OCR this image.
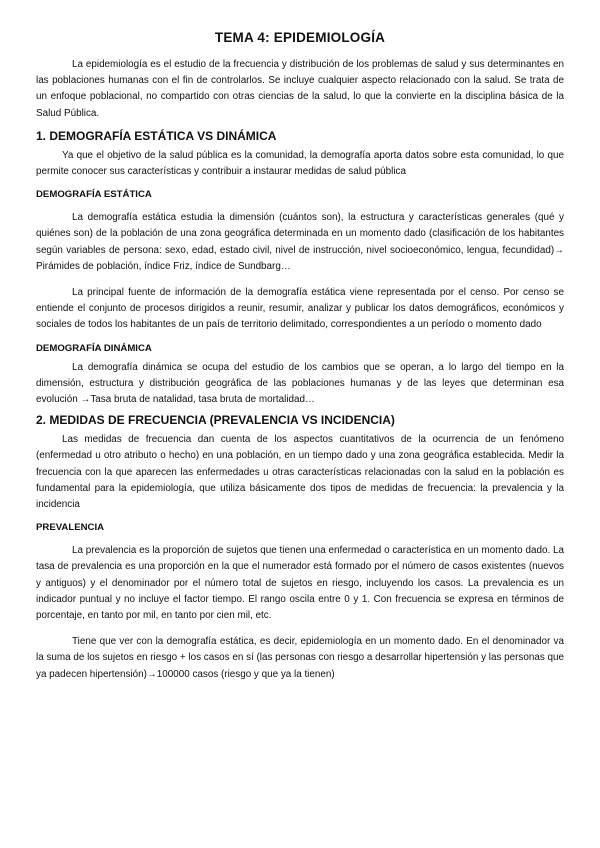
TEMA 4: EPIDEMIOLOGÍA

La epidemiología es el estudio de la frecuencia y distribución de los problemas de salud y sus determinantes en las poblaciones humanas con el fin de controlarlos. Se incluye cualquier aspecto relacionado con la salud. Se trata de un enfoque poblacional, no compartido con otras ciencias de la salud, lo que la convierte en la disciplina básica de la Salud Pública.

1. DEMOGRAFÍA ESTÁTICA VS DINÁMICA

Ya que el objetivo de la salud pública es la comunidad, la demografía aporta datos sobre esta comunidad, lo que permite conocer sus características y contribuir a instaurar medidas de salud pública

DEMOGRAFÍA ESTÁTICA

La demografía estática estudia la dimensión (cuántos son), la estructura y características generales (qué y quiénes son) de la población de una zona geográfica determinada en un momento dado (clasificación de los habitantes según variables de persona: sexo, edad, estado civil, nivel de instrucción, nivel socioeconómico, lengua, fecundidad)→ Pirámides de población, índice Friz, índice de Sundbarg…

La principal fuente de información de la demografía estática viene representada por el censo. Por censo se entiende el conjunto de procesos dirigidos a reunir, resumir, analizar y publicar los datos demográficos, económicos y sociales de todos los habitantes de un país de territorio delimitado, correspondientes a un período o momento dado

DEMOGRAFÍA DINÁMICA

La demografía dinámica se ocupa del estudio de los cambios que se operan, a lo largo del tiempo en la dimensión, estructura y distribución geográfica de las poblaciones humanas y de las leyes que determinan esa evolución →Tasa bruta de natalidad, tasa bruta de mortalidad…

2. MEDIDAS DE FRECUENCIA (PREVALENCIA VS INCIDENCIA)

Las medidas de frecuencia dan cuenta de los aspectos cuantitativos de la ocurrencia de un fenómeno (enfermedad u otro atributo o hecho) en una población, en un tiempo dado y una zona geográfica establecida. Medir la frecuencia con la que aparecen las enfermedades u otras características relacionadas con la salud en la población es fundamental para la epidemiología, que utiliza básicamente dos tipos de medidas de frecuencia: la prevalencia y la incidencia

PREVALENCIA

La prevalencia es la proporción de sujetos que tienen una enfermedad o característica en un momento dado. La tasa de prevalencia es una proporción en la que el numerador está formado por el número de casos existentes (nuevos y antiguos) y el denominador por el número total de sujetos en riesgo, incluyendo los casos. La prevalencia es un indicador puntual y no incluye el factor tiempo. El rango oscila entre 0 y 1. Con frecuencia se expresa en términos de porcentaje, en tanto por mil, en tanto por cien mil, etc.

Tiene que ver con la demografía estática, es decir, epidemiología en un momento dado. En el denominador va la suma de los sujetos en riesgo + los casos en sí (las personas con riesgo a desarrollar hipertensión y las personas que ya padecen hipertensión)→100000 casos (riesgo y que ya la tienen)
